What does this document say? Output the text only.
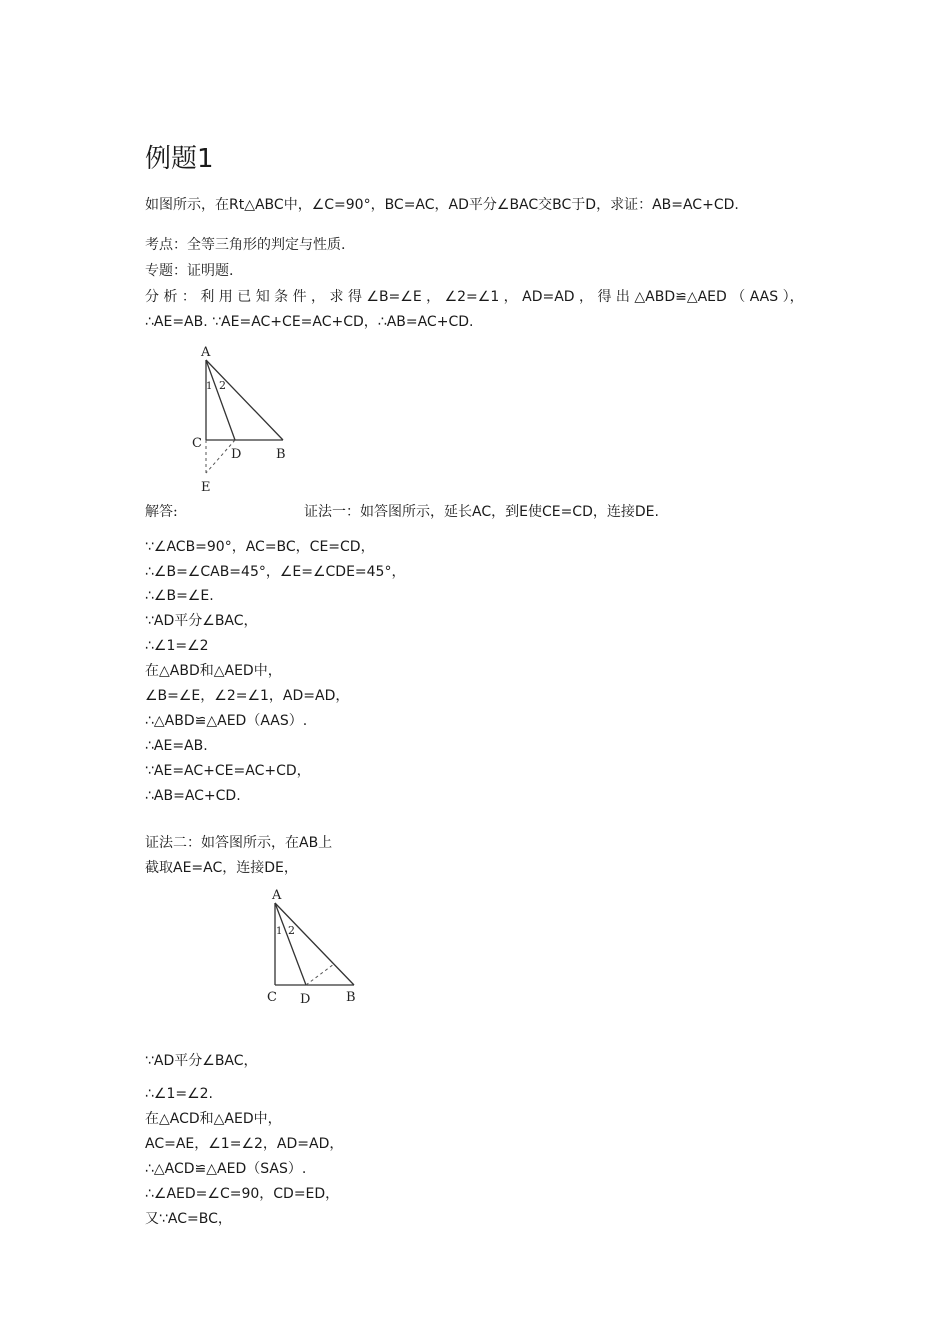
例题1
如图所示，在Rt△ABC中，∠C=90°，BC=AC，AD平分∠BAC交BC于D，求证：AB=AC+CD.
考点：全等三角形的判定与性质.
专题：证明题.
分 析 ： 利 用 已 知 条 件 ， 求 得 ∠B=∠E ， ∠2=∠1 ， AD=AD ， 得 出 △ABD≌△AED （ AAS ），
∴AE=AB. ∵AE=AC+CE=AC+CD，∴AB=AC+CD.
A
1 2
C
D	B
E
解答:	证法一：如答图所示，延长AC，到E使CE=CD，连接DE.
∵∠ACB=90°，AC=BC，CE=CD，
∴∠B=∠CAB=45°，∠E=∠CDE=45°，
∴∠B=∠E.
∵AD平分∠BAC，
∴∠1=∠2
在△ABD和△AED中，
∠B=∠E，∠2=∠1，AD=AD，
∴△ABD≌△AED（AAS）.
∴AE=AB.
∵AE=AC+CE=AC+CD，
∴AB=AC+CD.
证法二：如答图所示，在AB上
截取AE=AC，连接DE，
A
1 2
C D	B
∵AD平分∠BAC，
∴∠1=∠2.
在△ACD和△AED中，
AC=AE，∠1=∠2，AD=AD，
∴△ACD≌△AED（SAS）.
∴∠AED=∠C=90，CD=ED，
又∵AC=BC，
